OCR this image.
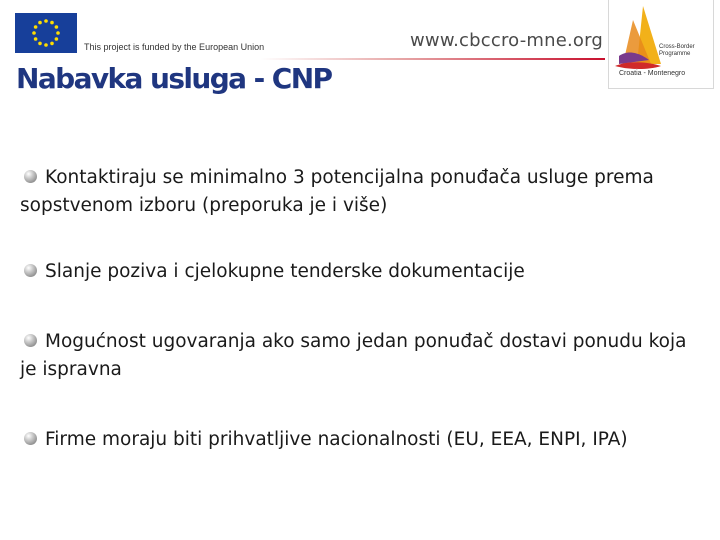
This project is funded by the European Union	www.cbccro-mne.org	Cross-Border
Programme
Croatia - Montenegro
Nabavka usluga - CNP
Kontaktiraju se minimalno 3 potencijalna ponuđača usluge prema sopstvenom izboru (preporuka je i više)
Slanje poziva i cjelokupne tenderske dokumentacije
Mogućnost ugovaranja ako samo jedan ponuđač dostavi ponudu koja je ispravna
Firme moraju biti prihvatljive nacionalnosti (EU, EEA, ENPI, IPA)
